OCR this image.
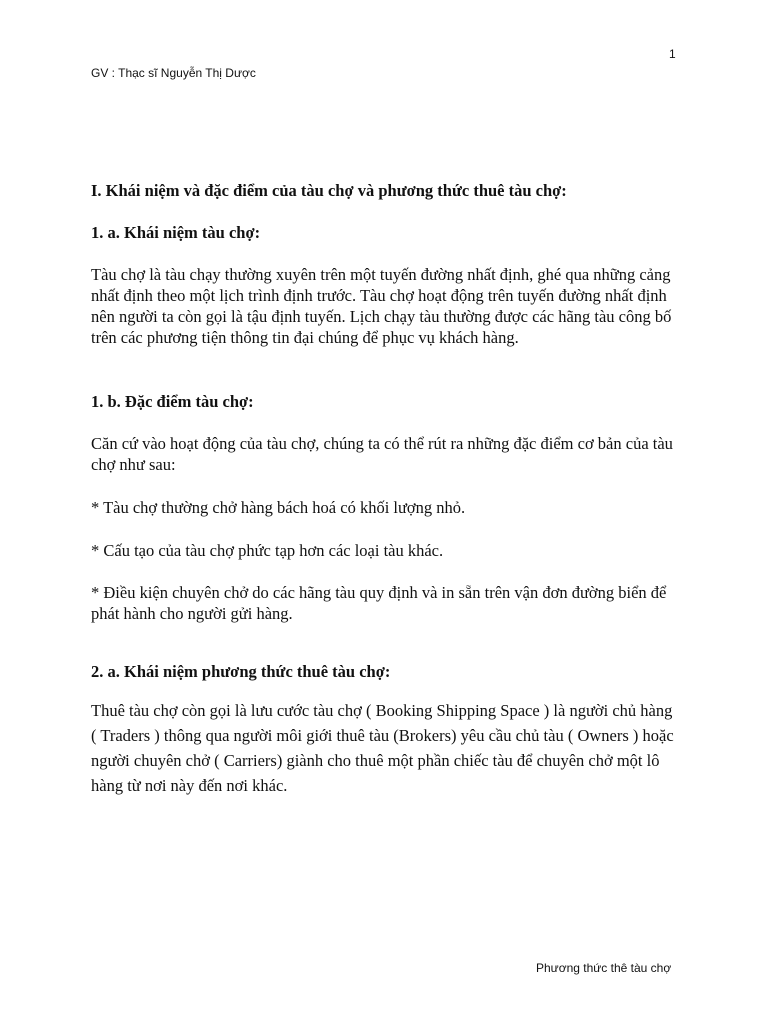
1
GV : Thạc sĩ Nguyễn Thị Dược

I. Khái niệm và đặc điểm của tàu chợ và phương thức thuê tàu chợ:

1. a. Khái niệm tàu chợ:

Tàu chợ là tàu chạy thường xuyên trên một tuyến đường nhất định, ghé qua những cảng nhất định theo một lịch trình định trước. Tàu chợ hoạt động trên tuyến đường nhất định nên người ta còn gọi là tậu định tuyến. Lịch chạy tàu thường được các hãng tàu công bố trên các phương tiện thông tin đại chúng để phục vụ khách hàng.

1. b. Đặc điểm tàu chợ:

Căn cứ vào hoạt động của tàu chợ, chúng ta có thể rút ra những đặc điểm cơ bản của tàu chợ như sau:

* Tàu chợ thường chở hàng bách hoá có khối lượng nhỏ.

* Cấu tạo của tàu chợ phức tạp hơn các loại tàu khác.

* Điều kiện chuyên chở do các hãng tàu quy định và in sẵn trên vận đơn đường biển để phát hành cho người gửi hàng.

2. a. Khái niệm phương thức thuê tàu chợ:

Thuê tàu chợ còn gọi là lưu cước tàu chợ ( Booking Shipping Space ) là người chủ hàng ( Traders ) thông qua người môi giới thuê tàu (Brokers) yêu cầu chủ tàu ( Owners ) hoặc người chuyên chở ( Carriers) giành cho thuê một phần chiếc tàu để chuyên chở một lô hàng từ nơi này đến nơi khác.

Phương thức thê tàu chợ
